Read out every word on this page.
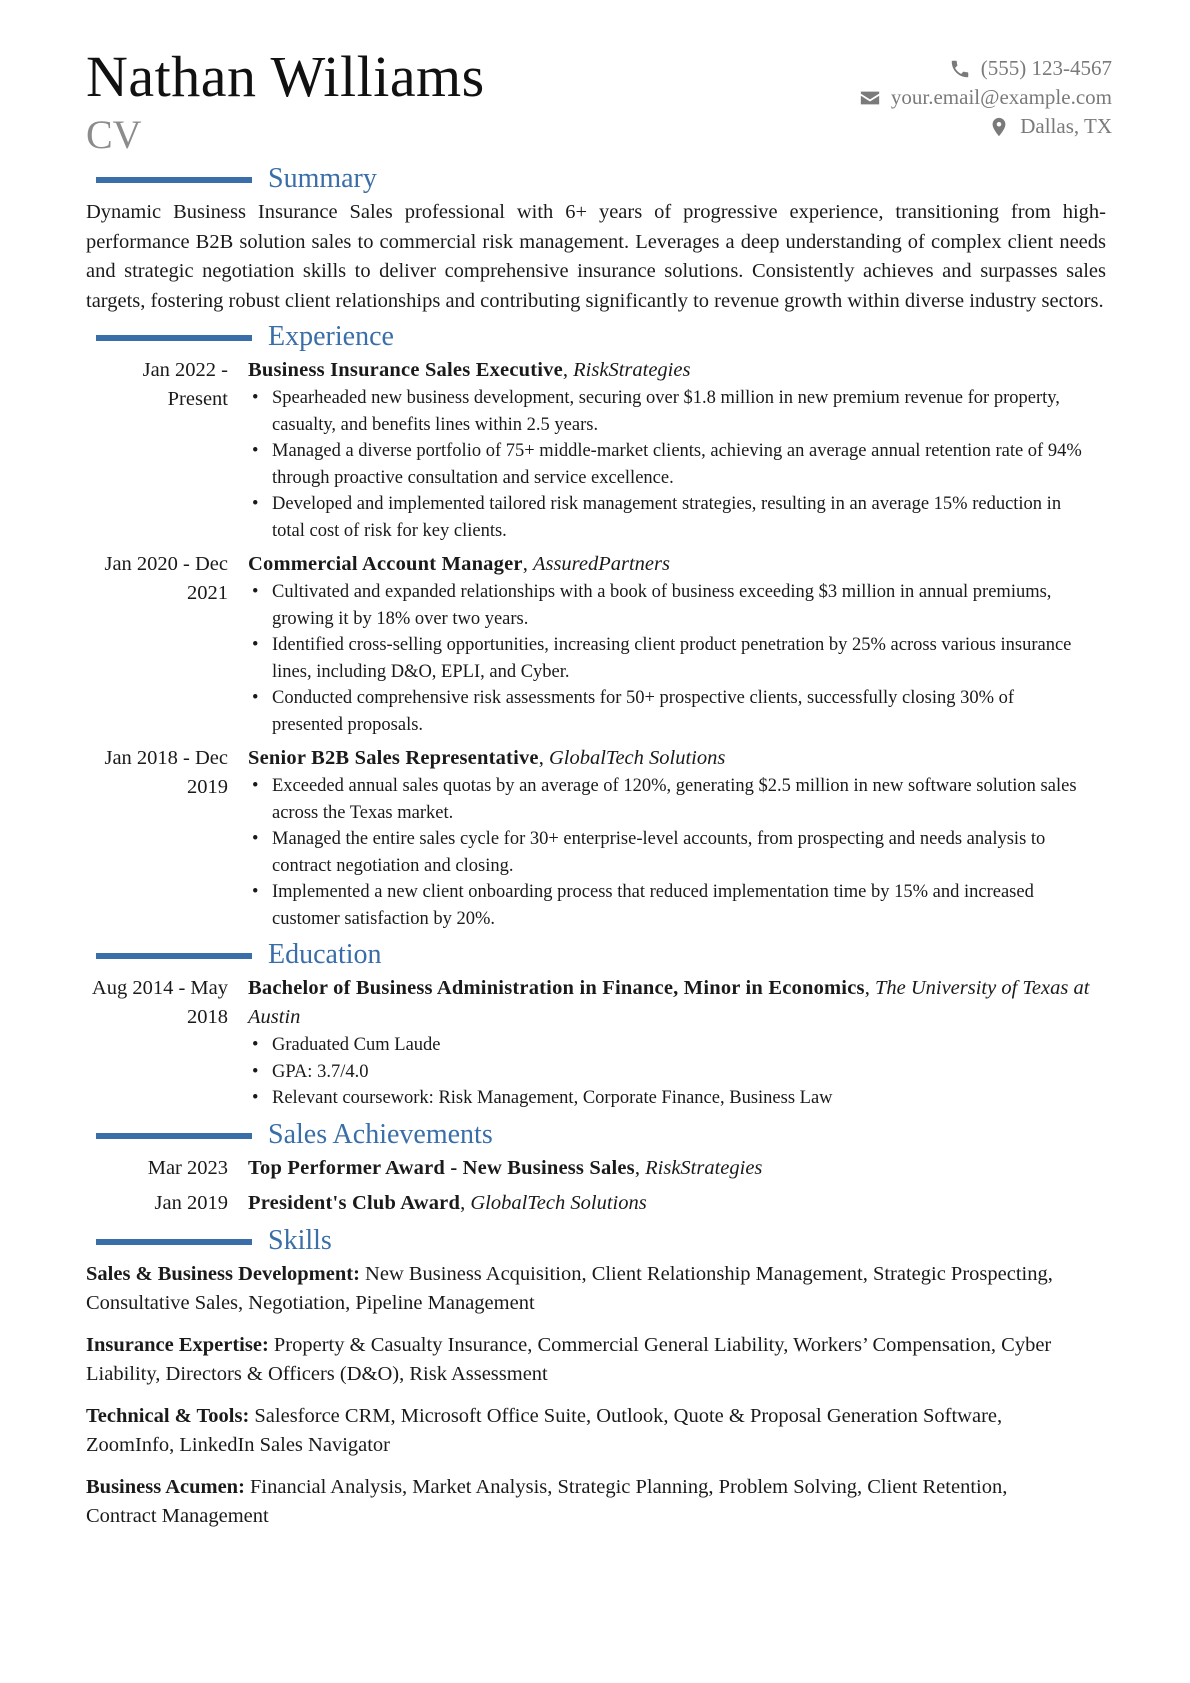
Nathan Williams
CV
(555) 123-4567
your.email@example.com
Dallas, TX
Summary
Dynamic Business Insurance Sales professional with 6+ years of progressive experience, transitioning from high-performance B2B solution sales to commercial risk management. Leverages a deep understanding of complex client needs and strategic negotiation skills to deliver comprehensive insurance solutions. Consistently achieves and surpasses sales targets, fostering robust client relationships and contributing significantly to revenue growth within diverse industry sectors.
Experience
Jan 2022 - Present
Business Insurance Sales Executive, RiskStrategies
• Spearheaded new business development, securing over $1.8 million in new premium revenue for property, casualty, and benefits lines within 2.5 years.
• Managed a diverse portfolio of 75+ middle-market clients, achieving an average annual retention rate of 94% through proactive consultation and service excellence.
• Developed and implemented tailored risk management strategies, resulting in an average 15% reduction in total cost of risk for key clients.
Jan 2020 - Dec 2021
Commercial Account Manager, AssuredPartners
• Cultivated and expanded relationships with a book of business exceeding $3 million in annual premiums, growing it by 18% over two years.
• Identified cross-selling opportunities, increasing client product penetration by 25% across various insurance lines, including D&O, EPLI, and Cyber.
• Conducted comprehensive risk assessments for 50+ prospective clients, successfully closing 30% of presented proposals.
Jan 2018 - Dec 2019
Senior B2B Sales Representative, GlobalTech Solutions
• Exceeded annual sales quotas by an average of 120%, generating $2.5 million in new software solution sales across the Texas market.
• Managed the entire sales cycle for 30+ enterprise-level accounts, from prospecting and needs analysis to contract negotiation and closing.
• Implemented a new client onboarding process that reduced implementation time by 15% and increased customer satisfaction by 20%.
Education
Aug 2014 - May 2018
Bachelor of Business Administration in Finance, Minor in Economics, The University of Texas at Austin
• Graduated Cum Laude
• GPA: 3.7/4.0
• Relevant coursework: Risk Management, Corporate Finance, Business Law
Sales Achievements
Mar 2023 Top Performer Award - New Business Sales, RiskStrategies
Jan 2019 President's Club Award, GlobalTech Solutions
Skills
Sales & Business Development: New Business Acquisition, Client Relationship Management, Strategic Prospecting, Consultative Sales, Negotiation, Pipeline Management
Insurance Expertise: Property & Casualty Insurance, Commercial General Liability, Workers’ Compensation, Cyber Liability, Directors & Officers (D&O), Risk Assessment
Technical & Tools: Salesforce CRM, Microsoft Office Suite, Outlook, Quote & Proposal Generation Software, ZoomInfo, LinkedIn Sales Navigator
Business Acumen: Financial Analysis, Market Analysis, Strategic Planning, Problem Solving, Client Retention, Contract Management
